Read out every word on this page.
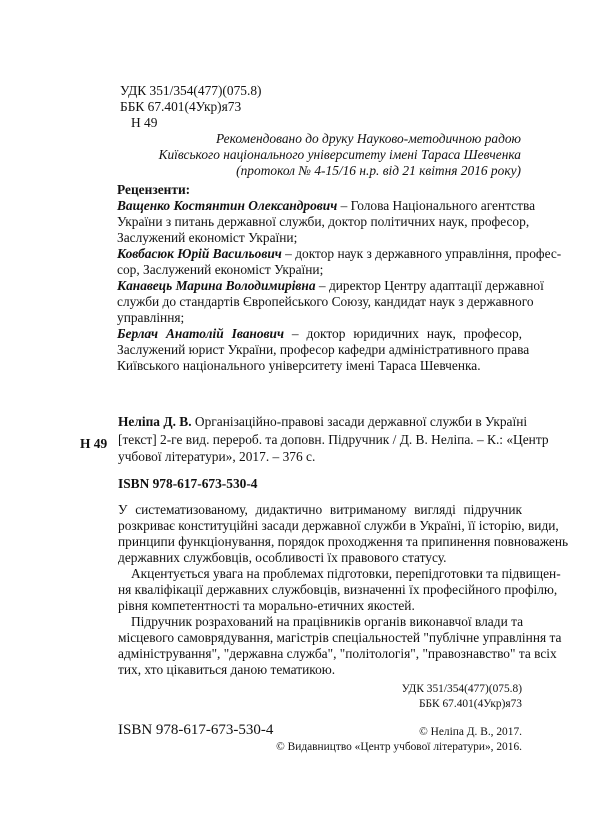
УДК 351/354(477)(075.8)
ББК 67.401(4Укр)я73
Н 49
Рекомендовано до друку Науково-методичною радою
Київського національного університету імені Тараса Шевченка
(протокол № 4-15/16 н.р. від 21 квітня 2016 року)
Рецензенти:
Ващенко Костянтин Олександрович – Голова Національного агентства
України з питань державної служби, доктор політичних наук, професор,
Заслужений економіст України;
Ковбасюк Юрій Васильович – доктор наук з державного управління, профес-
сор, Заслужений економіст України;
Канавець Марина Володимирівна – директор Центру адаптації державної
служби до стандартів Європейського Союзу, кандидат наук з державного
управління;
Берлач Анатолій Іванович – доктор юридичних наук, професор,
Заслужений юрист України, професор кафедри адміністративного права
Київського національного університету імені Тараса Шевченка.
Неліпа Д. В. Організаційно-правові засади державної служби в Україні
Н 49 [текст] 2-ге вид. перероб. та доповн. Підручник / Д. В. Неліпа. – К.: «Центр
учбової літератури», 2017. – 376 с.
ISBN 978-617-673-530-4
У систематизованому, дидактично витриманому вигляді підручник
розкриває конституційні засади державної служби в Україні, її історію, види,
принципи функціонування, порядок проходження та припинення повноважень
державних службовців, особливості їх правового статусу.
Акцентується увага на проблемах підготовки, перепідготовки та підвищен-
ня кваліфікації державних службовців, визначенні їх професійного профілю,
рівня компетентності та морально-етичних якостей.
Підручник розрахований на працівників органів виконавчої влади та
місцевого самоврядування, магістрів спеціальностей "публічне управління та
адміністрування", "державна служба", "політологія", "правознавство" та всіх
тих, хто цікавиться даною тематикою.
УДК 351/354(477)(075.8)
ББК 67.401(4Укр)я73
ISBN 978-617-673-530-4	© Неліпа Д. В., 2017.
© Видавництво «Центр учбової літератури», 2016.
